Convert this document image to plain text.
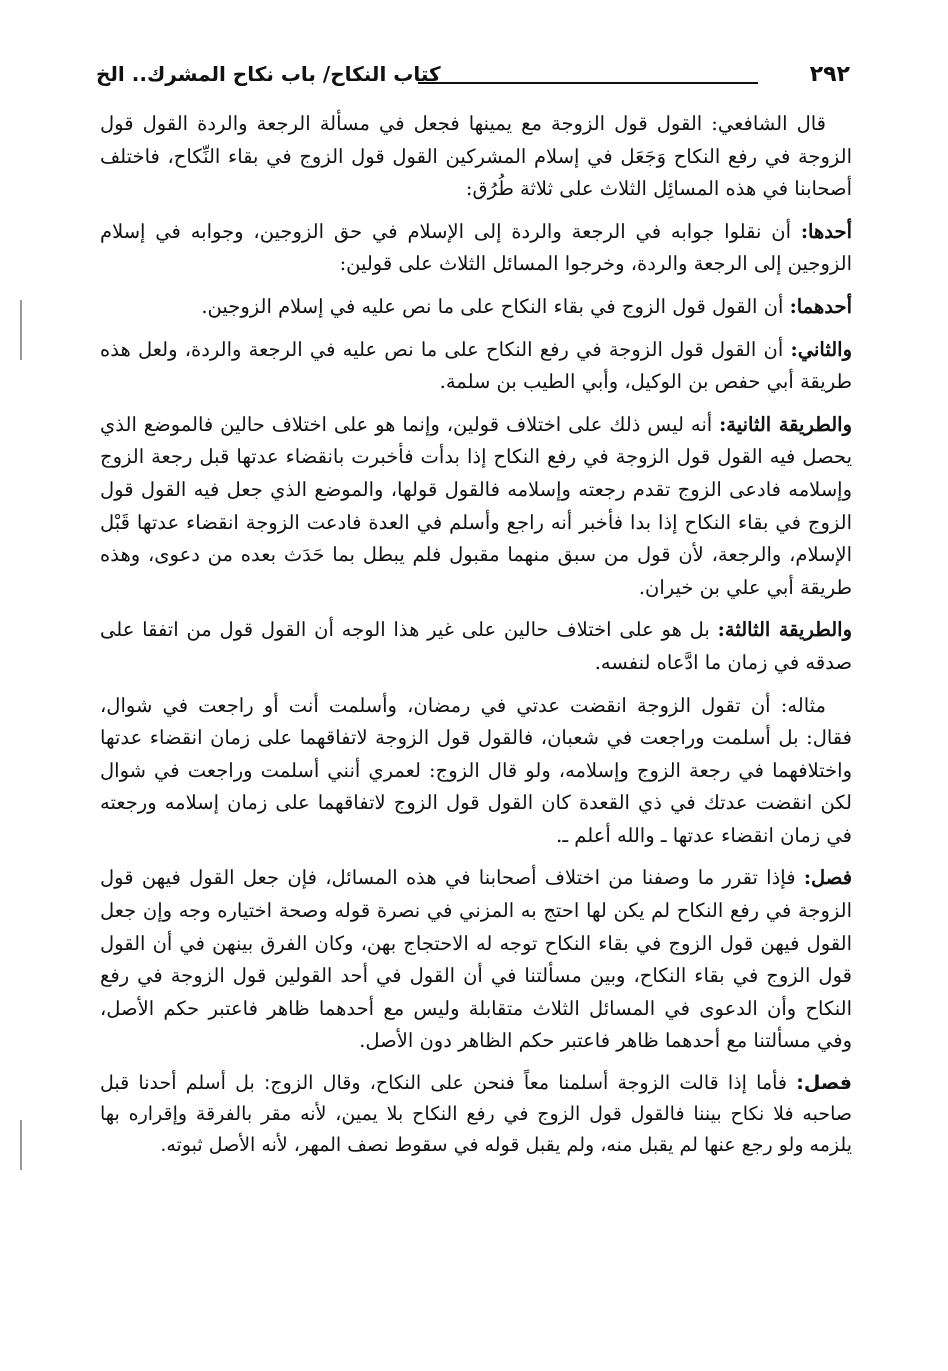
٢٩٢
كتاب النكاح/ باب نكاح المشرك.. الخ

قال الشافعي: القول قول الزوجة مع يمينها فجعل في مسألة الرجعة والردة القول قول الزوجة في رفع النكاح وَجَعَل في إسلام المشركين القول قول الزوج في بقاء النِّكاح، فاختلف أصحابنا في هذه المسائِل الثلاث على ثلاثة طُرُق:

أحدها: أن نقلوا جوابه في الرجعة والردة إلى الإسلام في حق الزوجين، وجوابه في إسلام الزوجين إلى الرجعة والردة، وخرجوا المسائل الثلاث على قولين:

أحدهما: أن القول قول الزوج في بقاء النكاح على ما نص عليه في إسلام الزوجين.

والثاني: أن القول قول الزوجة في رفع النكاح على ما نص عليه في الرجعة والردة، ولعل هذه طريقة أبي حفص بن الوكيل، وأبي الطيب بن سلمة.

والطريقة الثانية: أنه ليس ذلك على اختلاف قولين، وإنما هو على اختلاف حالين فالموضع الذي يحصل فيه القول قول الزوجة في رفع النكاح إذا بدأت فأخبرت بانقضاء عدتها قبل رجعة الزوج وإسلامه فادعى الزوج تقدم رجعته وإسلامه فالقول قولها، والموضع الذي جعل فيه القول قول الزوج في بقاء النكاح إذا بدا فأخبر أنه راجع وأسلم في العدة فادعت الزوجة انقضاء عدتها قَبْل الإسلام، والرجعة، لأن قول من سبق منهما مقبول فلم يبطل بما حَدَث بعده من دعوى، وهذه طريقة أبي علي بن خيران.

والطريقة الثالثة: بل هو على اختلاف حالين على غير هذا الوجه أن القول قول من اتفقا على صدقه في زمان ما ادَّعاه لنفسه.

مثاله: أن تقول الزوجة انقضت عدتي في رمضان، وأسلمت أنت أو راجعت في شوال، فقال: بل أسلمت وراجعت في شعبان، فالقول قول الزوجة لاتفاقهما على زمان انقضاء عدتها واختلافهما في رجعة الزوج وإسلامه، ولو قال الزوج: لعمري أنني أسلمت وراجعت في شوال لكن انقضت عدتك في ذي القعدة كان القول قول الزوج لاتفاقهما على زمان إسلامه ورجعته في زمان انقضاء عدتها ـ والله أعلم ـ.

فصل: فإذا تقرر ما وصفنا من اختلاف أصحابنا في هذه المسائل، فإن جعل القول فيهن قول الزوجة في رفع النكاح لم يكن لها احتج به المزني في نصرة قوله وصحة اختياره وجه وإن جعل القول فيهن قول الزوج في بقاء النكاح توجه له الاحتجاج بهن، وكان الفرق بينهن في أن القول قول الزوج في بقاء النكاح، وبين مسألتنا في أن القول في أحد القولين قول الزوجة في رفع النكاح وأن الدعوى في المسائل الثلاث متقابلة وليس مع أحدهما ظاهر فاعتبر حكم الأصل، وفي مسألتنا مع أحدهما ظاهر فاعتبر حكم الظاهر دون الأصل.

فصل: فأما إذا قالت الزوجة أسلمنا معاً فنحن على النكاح، وقال الزوج: بل أسلم أحدنا قبل صاحبه فلا نكاح بيننا فالقول قول الزوج في رفع النكاح بلا يمين، لأنه مقر بالفرقة وإقراره بها يلزمه ولو رجع عنها لم يقبل منه، ولم يقبل قوله في سقوط نصف المهر، لأنه الأصل ثبوته.
